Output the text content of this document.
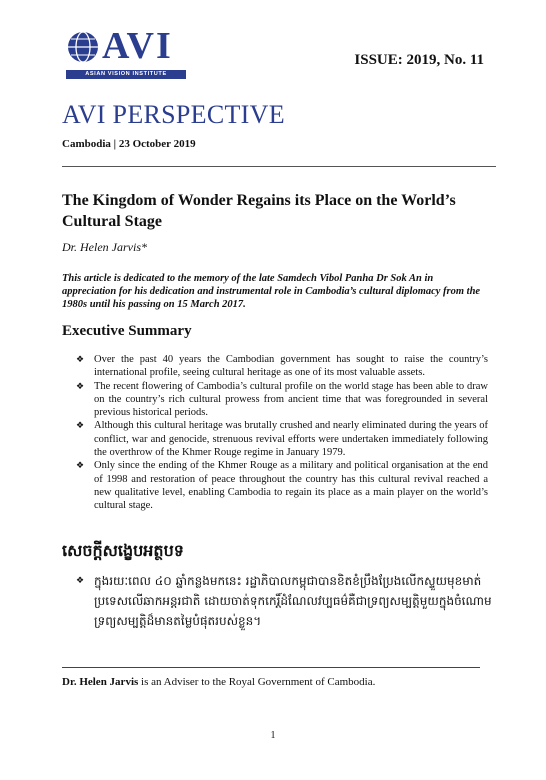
AVI
ASIAN VISION INSTITUTE
ISSUE: 2019, No. 11
AVI PERSPECTIVE
Cambodia | 23 October 2019
The Kingdom of Wonder Regains its Place on the World’s Cultural Stage
Dr. Helen Jarvis*
This article is dedicated to the memory of the late Samdech Vibol Panha Dr Sok An in appreciation for his dedication and instrumental role in Cambodia’s cultural diplomacy from the 1980s until his passing on 15 March 2017.
Executive Summary
❖ Over the past 40 years the Cambodian government has sought to raise the country’s international profile, seeing cultural heritage as one of its most valuable assets.
❖ The recent flowering of Cambodia’s cultural profile on the world stage has been able to draw on the country’s rich cultural prowess from ancient time that was foregrounded in several previous historical periods.
❖ Although this cultural heritage was brutally crushed and nearly eliminated during the years of conflict, war and genocide, strenuous revival efforts were undertaken immediately following the overthrow of the Khmer Rouge regime in January 1979.
❖ Only since the ending of the Khmer Rouge as a military and political organisation at the end of 1998 and restoration of peace throughout the country has this cultural revival reached a new qualitative level, enabling Cambodia to regain its place as a main player on the world’s cultural stage.
សេចក្តីសង្ខេបអត្ថបទ
❖ ក្នុងរយៈពេល ៤០ ឆ្នាំកន្លងមកនេះ រដ្ឋាភិបាលកម្ពុជាបានខិតខំប្រឹងប្រែងលើកស្ទួយមុខមាត់ប្រទេសលើឆាកអន្តរជាតិ ដោយចាត់ទុកកេរ្តិ៍ដំណែលវប្បធម៌គឺជាទ្រព្យសម្បត្តិមួយក្នុងចំណោមទ្រព្យសម្បត្តិដ៏មានតម្លៃបំផុតរបស់ខ្លួន។
Dr. Helen Jarvis is an Adviser to the Royal Government of Cambodia.
1
